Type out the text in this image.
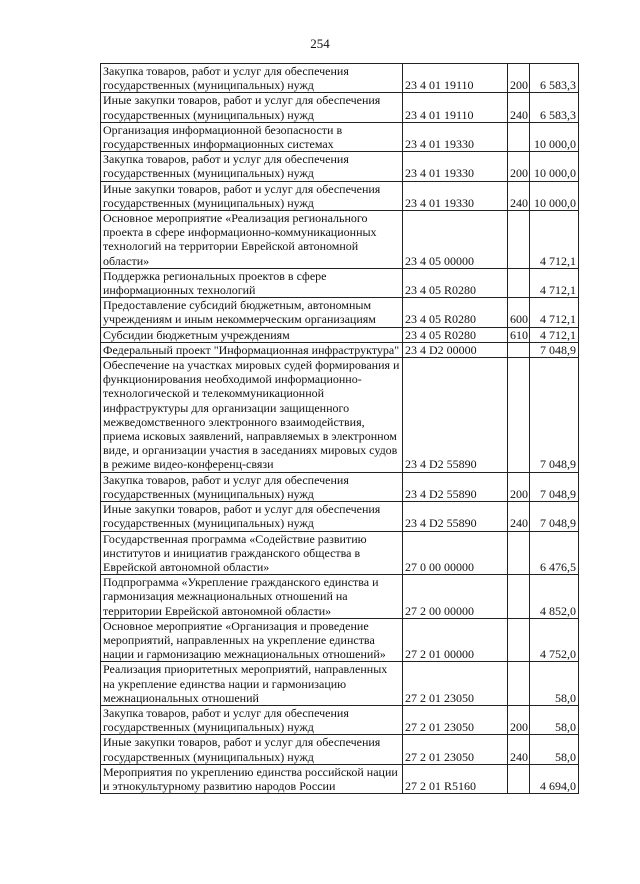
254
Закупка товаров, работ и услуг для обеспечения государственных (муниципальных) нужд	23 4 01 19110	200	6 583,3
Иные закупки товаров, работ и услуг для обеспечения государственных (муниципальных) нужд	23 4 01 19110	240	6 583,3
Организация информационной безопасности в государственных информационных системах	23 4 01 19330		10 000,0
Закупка товаров, работ и услуг для обеспечения государственных (муниципальных) нужд	23 4 01 19330	200	10 000,0
Иные закупки товаров, работ и услуг для обеспечения государственных (муниципальных) нужд	23 4 01 19330	240	10 000,0
Основное мероприятие «Реализация регионального проекта в сфере информационно-коммуникационных технологий на территории Еврейской автономной области»	23 4 05 00000		4 712,1
Поддержка региональных проектов в сфере информационных технологий	23 4 05 R0280		4 712,1
Предоставление субсидий бюджетным, автономным учреждениям и иным некоммерческим организациям	23 4 05 R0280	600	4 712,1
Субсидии бюджетным учреждениям	23 4 05 R0280	610	4 712,1
Федеральный проект "Информационная инфраструктура"	23 4 D2 00000		7 048,9
Обеспечение на участках мировых судей формирования и функционирования необходимой информационно-технологической и телекоммуникационной инфраструктуры для организации защищенного межведомственного электронного взаимодействия, приема исковых заявлений, направляемых в электронном виде, и организации участия в заседаниях мировых судов в режиме видео-конференц-связи	23 4 D2 55890		7 048,9
Закупка товаров, работ и услуг для обеспечения государственных (муниципальных) нужд	23 4 D2 55890	200	7 048,9
Иные закупки товаров, работ и услуг для обеспечения государственных (муниципальных) нужд	23 4 D2 55890	240	7 048,9
Государственная программа «Содействие развитию институтов и инициатив гражданского общества в Еврейской автономной области»	27 0 00 00000		6 476,5
Подпрограмма «Укрепление гражданского единства и гармонизация межнациональных отношений на территории Еврейской автономной области»	27 2 00 00000		4 852,0
Основное мероприятие «Организация и проведение мероприятий, направленных на укрепление единства нации и гармонизацию межнациональных отношений»	27 2 01 00000		4 752,0
Реализация приоритетных мероприятий, направленных на укрепление единства нации и гармонизацию межнациональных отношений	27 2 01 23050		58,0
Закупка товаров, работ и услуг для обеспечения государственных (муниципальных) нужд	27 2 01 23050	200	58,0
Иные закупки товаров, работ и услуг для обеспечения государственных (муниципальных) нужд	27 2 01 23050	240	58,0
Мероприятия по укреплению единства российской нации и этнокультурному развитию народов России	27 2 01 R5160		4 694,0
